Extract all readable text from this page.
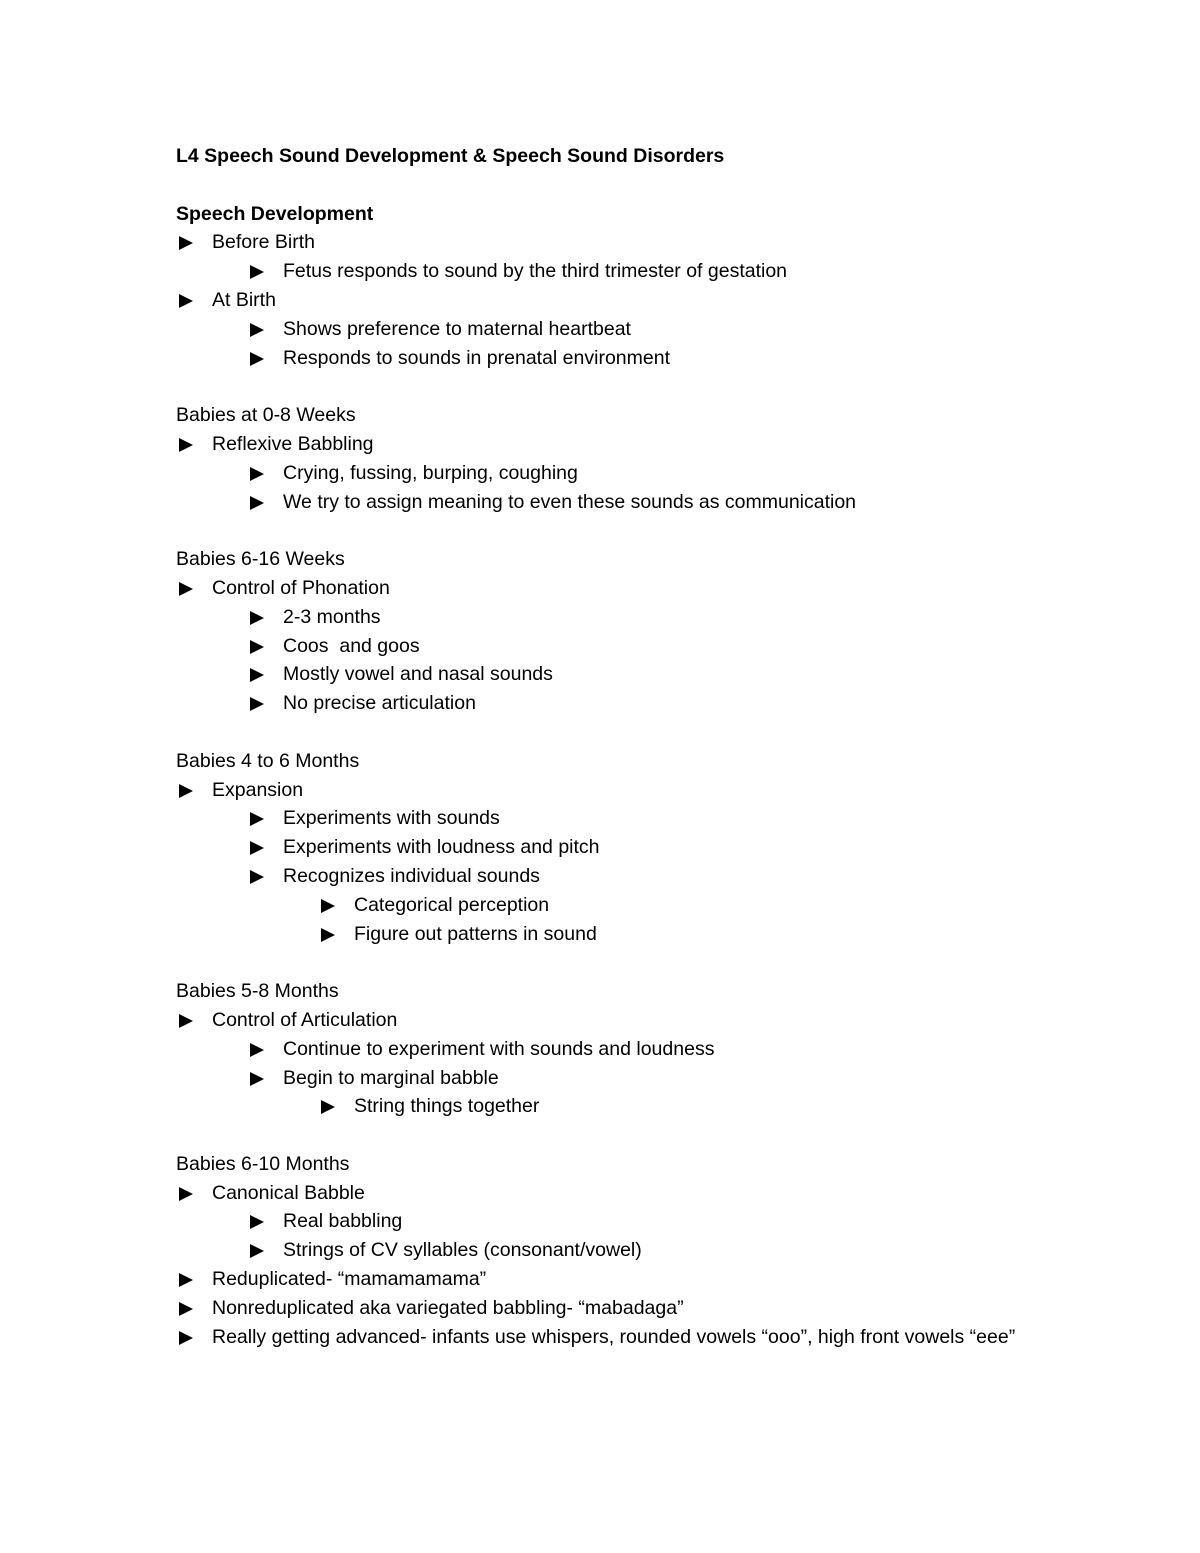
L4 Speech Sound Development & Speech Sound Disorders
Speech Development
Before Birth
Fetus responds to sound by the third trimester of gestation
At Birth
Shows preference to maternal heartbeat
Responds to sounds in prenatal environment
Babies at 0-8 Weeks
Reflexive Babbling
Crying, fussing, burping, coughing
We try to assign meaning to even these sounds as communication
Babies 6-16 Weeks
Control of Phonation
2-3 months
Coos  and goos
Mostly vowel and nasal sounds
No precise articulation
Babies 4 to 6 Months
Expansion
Experiments with sounds
Experiments with loudness and pitch
Recognizes individual sounds
Categorical perception
Figure out patterns in sound
Babies 5-8 Months
Control of Articulation
Continue to experiment with sounds and loudness
Begin to marginal babble
String things together
Babies 6-10 Months
Canonical Babble
Real babbling
Strings of CV syllables (consonant/vowel)
Reduplicated- “mamamamama”
Nonreduplicated aka variegated babbling- “mabadaga”
Really getting advanced- infants use whispers, rounded vowels “ooo”, high front vowels “eee”
